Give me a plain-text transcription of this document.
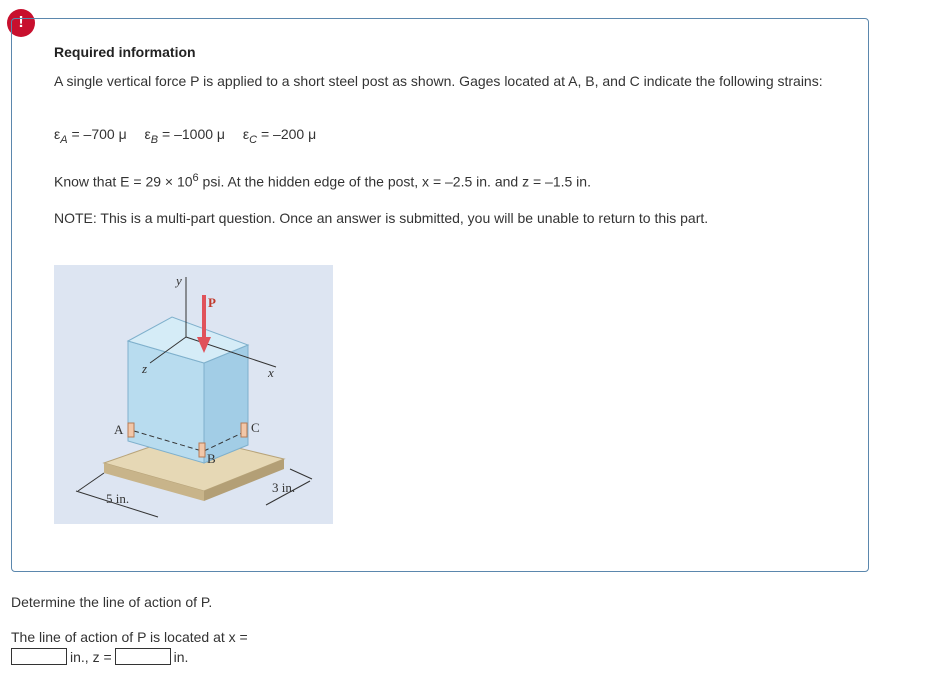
!
Required information
A single vertical force P is applied to a short steel post as shown. Gages located at A, B, and C indicate the following strains:
$\varepsilon_A = -700$ μ $\varepsilon_B = -1000$ μ $\varepsilon_C = -200$ μ
Know that $E = 29 \times 10^6$ psi. At the hidden edge of the post, x = –2.5 in. and z = –1.5 in.
NOTE: This is a multi-part question. Once an answer is submitted, you will be unable to return to this part.
y
P
z	x
A
B
C
5 in.
3 in.
Determine the line of action of P.
The line of action of P is located at x =
in., z =	in.
